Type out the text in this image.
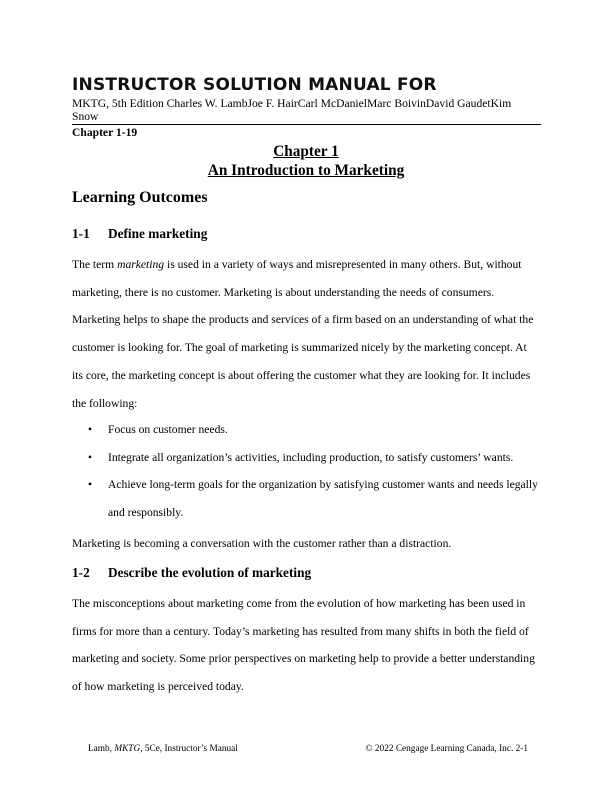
INSTRUCTOR SOLUTION MANUAL FOR

MKTG, 5th Edition Charles W. LambJoe F. HairCarl McDanielMarc BoivinDavid GaudetKim Snow

Chapter 1-19

Chapter 1
An Introduction to Marketing
Learning Outcomes
1-1 Define marketing

The term marketing is used in a variety of ways and misrepresented in many others. But, without marketing, there is no customer. Marketing is about understanding the needs of consumers. Marketing helps to shape the products and services of a firm based on an understanding of what the customer is looking for. The goal of marketing is summarized nicely by the marketing concept. At its core, the marketing concept is about offering the customer what they are looking for. It includes the following:

• Focus on customer needs.
• Integrate all organization’s activities, including production, to satisfy customers’ wants.
• Achieve long-term goals for the organization by satisfying customer wants and needs legally and responsibly.

Marketing is becoming a conversation with the customer rather than a distraction.

1-2 Describe the evolution of marketing

The misconceptions about marketing come from the evolution of how marketing has been used in firms for more than a century. Today’s marketing has resulted from many shifts in both the field of marketing and society. Some prior perspectives on marketing help to provide a better understanding of how marketing is perceived today.

Lamb, MKTG, 5Ce, Instructor’s Manual	© 2022 Cengage Learning Canada, Inc. 2-1
